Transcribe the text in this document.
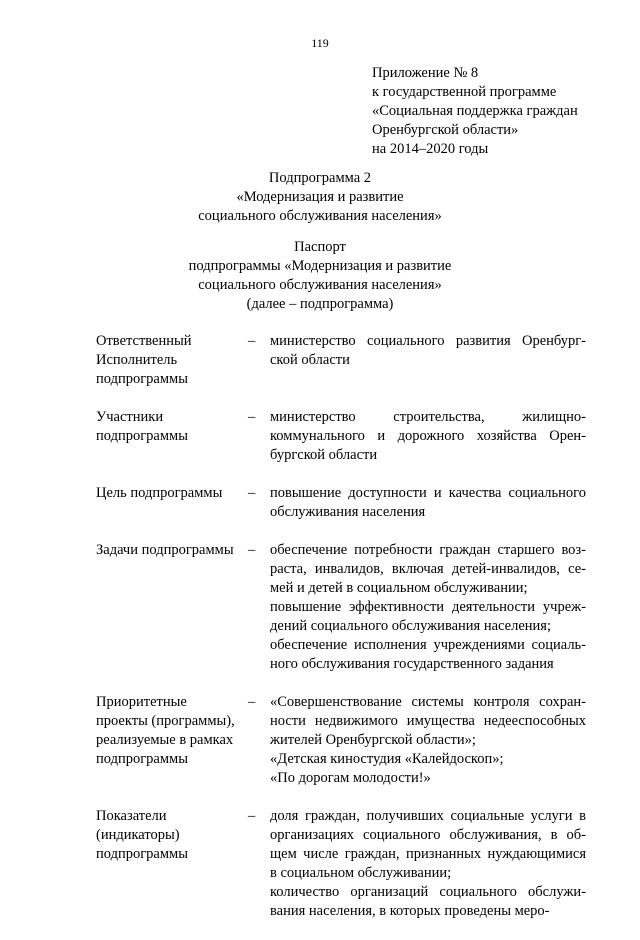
119
Приложение № 8
к государственной программе
«Социальная поддержка граждан
Оренбургской области»
на 2014–2020 годы
Подпрограмма 2
«Модернизация и развитие
социального обслуживания населения»
Паспорт
подпрограммы «Модернизация и развитие
социального обслуживания населения»
(далее – подпрограмма)
Ответственный
Исполнитель
подпрограммы
–	министерство социального развития Оренбург-
ской области
Участники
подпрограммы
–	министерство строительства, жилищно-
коммунального и дорожного хозяйства Орен-
бургской области
Цель подпрограммы	–	повышение доступности и качества социального
обслуживания населения
Задачи подпрограммы –	обеспечение потребности граждан старшего воз-
раста, инвалидов, включая детей-инвалидов, се-
мей и детей в социальном обслуживании;
повышение эффективности деятельности учреж-
дений социального обслуживания населения;
обеспечение исполнения учреждениями социаль-
ного обслуживания государственного задания
Приоритетные
проекты (программы),
реализуемые в рамках
подпрограммы
–	«Совершенствование системы контроля сохран-
ности недвижимого имущества недееспособных
жителей Оренбургской области»;
«Детская киностудия «Калейдоскоп»;
«По дорогам молодости!»
Показатели
(индикаторы)
подпрограммы
–	доля граждан, получивших социальные услуги в
организациях социального обслуживания, в об-
щем числе граждан, признанных нуждающимися
в социальном обслуживании;
количество организаций социального обслужи-
вания населения, в которых проведены меро-
